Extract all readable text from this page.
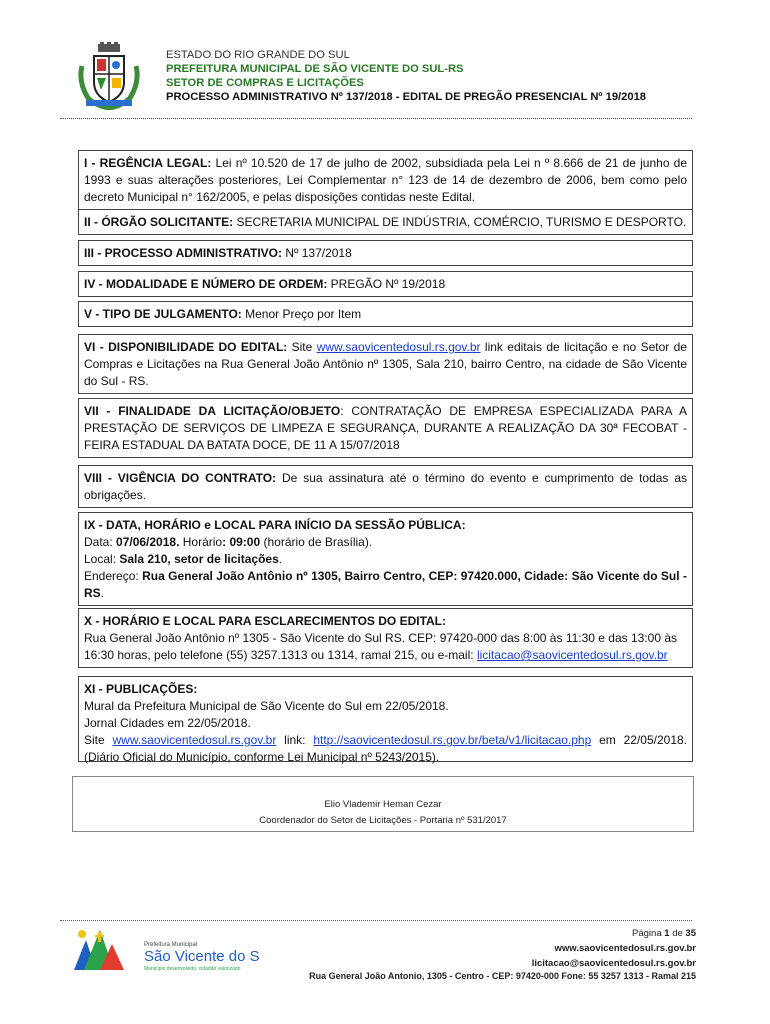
ESTADO DO RIO GRANDE DO SUL
PREFEITURA MUNICIPAL DE SÃO VICENTE DO SUL-RS
SETOR DE COMPRAS E LICITAÇÕES
PROCESSO ADMINISTRATIVO Nº 137/2018 - EDITAL DE PREGÃO PRESENCIAL Nº 19/2018
I - REGÊNCIA LEGAL: Lei nº 10.520 de 17 de julho de 2002, subsidiada pela Lei n º 8.666 de 21 de junho de 1993 e suas alterações posteriores, Lei Complementar n° 123 de 14 de dezembro de 2006, bem como pelo decreto Municipal n° 162/2005, e pelas disposições contidas neste Edital.
II - ÓRGÃO SOLICITANTE: SECRETARIA MUNICIPAL DE INDÚSTRIA, COMÉRCIO, TURISMO E DESPORTO.
III - PROCESSO ADMINISTRATIVO: Nº 137/2018
IV - MODALIDADE E NÚMERO DE ORDEM: PREGÃO Nº 19/2018
V - TIPO DE JULGAMENTO: Menor Preço por Item
VI - DISPONIBILIDADE DO EDITAL: Site www.saovicentedosul.rs.gov.br link editais de licitação e no Setor de Compras e Licitações na Rua General João Antônio nº 1305, Sala 210, bairro Centro, na cidade de São Vicente do Sul - RS.
VII - FINALIDADE DA LICITAÇÃO/OBJETO: CONTRATAÇÃO DE EMPRESA ESPECIALIZADA PARA A PRESTAÇÃO DE SERVIÇOS DE LIMPEZA E SEGURANÇA, DURANTE A REALIZAÇÃO DA 30ª FECOBAT - FEIRA ESTADUAL DA BATATA DOCE, DE 11 A 15/07/2018
VIII - VIGÊNCIA DO CONTRATO: De sua assinatura até o término do evento e cumprimento de todas as obrigações.
IX - DATA, HORÁRIO e LOCAL PARA INÍCIO DA SESSÃO PÚBLICA:
Data: 07/06/2018. Horário: 09:00 (horário de Brasília).
Local: Sala 210, setor de licitações.
Endereço: Rua General João Antônio nº 1305, Bairro Centro, CEP: 97420.000, Cidade: São Vicente do Sul - RS.
X - HORÁRIO E LOCAL PARA ESCLARECIMENTOS DO EDITAL:
Rua General João Antônio nº 1305 - São Vicente do Sul RS. CEP: 97420-000 das 8:00 às 11:30 e das 13:00 às 16:30 horas, pelo telefone (55) 3257.1313 ou 1314, ramal 215, ou e-mail: licitacao@saovicentedosul.rs.gov.br
XI - PUBLICAÇÕES:
Mural da Prefeitura Municipal de São Vicente do Sul em 22/05/2018.
Jornal Cidades em 22/05/2018.
Site www.saovicentedosul.rs.gov.br link: http://saovicentedosul.rs.gov.br/beta/v1/licitacao.php em 22/05/2018.
(Diário Oficial do Município, conforme Lei Municipal nº 5243/2015).
Elio Vlademir Heman Cezar
Coordenador do Setor de Licitações - Portaria nº 531/2017
Prefeitura Municipal
São Vicente do Sul
Município desenvolvido, cidadão valorizado
Página 1 de 35
www.saovicentedosul.rs.gov.br
licitacao@saovicentedosul.rs.gov.br
Rua General João Antonio, 1305 - Centro - CEP: 97420-000 Fone: 55 3257 1313 - Ramal 215
